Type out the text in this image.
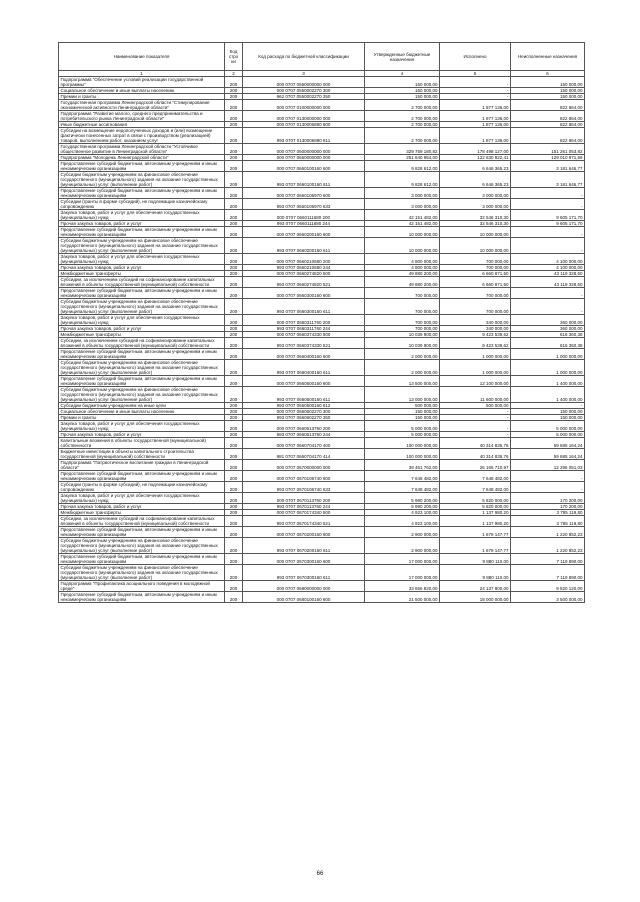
Наименование показателя	Код стро ки	Код расхода по бюджетной классификации	Утвержденные бюджетные назначения	Исполнено	Неисполненные назначения
1	2	3	4	5	6
Подпрограмма "Обеспечение условий реализации государственной программы"	200	000 0707 0550000000 000	150 000,00	-	150 000,00
Социальное обеспечение и иные выплаты населению	200	000 0707 0550002270 300	150 000,00	-	150 000,00
Премии и гранты	200	962 0707 0550002270 350	150 000,00	-	150 000,00
Государственная программа Ленинградской области "Стимулирование экономической активности Ленинградской области"	200	000 0707 0100000000 000	2 700 000,00	1 877 136,00	822 864,00
Подпрограмма "Развитие малого, среднего предпринимательства и потребительского рынка Ленинградской области"	200	000 0707 0130000000 000	2 700 000,00	1 877 136,00	822 864,00
Иные бюджетные ассигнования	200	000 0707 0130006890 800	2 700 000,00	1 877 136,00	822 864,00
Субсидии на возмещение недополученных доходов и (или) возмещение фактически понесенных затрат в связи с производством (реализацией) товаров, выполнением работ, оказанием услуг	200	993 0707 0130006890 811	2 700 000,00	1 877 136,00	822 864,00
Государственная программа Ленинградской области "Устойчивое общественное развитие в Ленинградской области"	200	000 0707 0600000000 000	329 759 180,82	178 498 127,00	151 261 053,82
Подпрограмма "Молодежь Ленинградской области"	200	000 0707 0660000000 000	251 640 954,00	122 630 822,41	129 010 871,59
Предоставление субсидий бюджетным, автономным учреждениям и иным некоммерческим организациям	200	000 0707 0660100160 600	9 828 612,00	6 646 365,23	3 181 646,77
Субсидии бюджетным учреждениям на финансовое обеспечение государственного (муниципального) задания на оказание государственных (муниципальных) услуг (выполнение работ)	200	993 0707 0660100160 611	9 828 612,00	6 646 365,23	3 181 646,77
Предоставление субсидий бюджетным, автономным учреждениям и иным некоммерческим организациям	200	000 0707 0660106970 600	3 000 000,00	3 000 000,00	-
Субсидии (гранты в форме субсидий), не подлежащие казначейскому сопровождению	200	993 0707 0660106970 633	3 000 000,00	3 000 000,00	-
Закупка товаров, работ и услуг для обеспечения государственных (муниципальных) нужд	200	000 0707 0660111680 200	42 151 482,00	32 546 310,30	9 605 171,70
Прочая закупка товаров, работ и услуг	200	993 0707 0660111680 244	42 151 482,00	32 546 310,30	9 605 171,70
Предоставление субсидий бюджетным, автономным учреждениям и иным некоммерческим организациям	200	000 0707 0660200160 600	10 000 000,00	10 000 000,00	-
Субсидии бюджетным учреждениям на финансовое обеспечение государственного (муниципального) задания на оказание государственных (муниципальных) услуг (выполнение работ)	200	993 0707 0660200160 611	10 000 000,00	10 000 000,00	-
Закупка товаров, работ и услуг для обеспечения государственных (муниципальных) нужд	200	000 0707 0660210680 200	4 800 000,00	700 000,00	4 100 000,00
Прочая закупка товаров, работ и услуг	200	993 0707 0660210680 244	4 800 000,00	700 000,00	4 100 000,00
Межбюджетные трансферты	200	000 0707 0660274820 500	49 880 200,00	6 660 871,50	43 119 328,50
Субсидии, за исключением субсидий на софинансирование капитальных вложений в объекты государственной (муниципальной) собственности	200	993 0707 0660274820 521	49 880 200,00	6 660 871,50	43 119 328,50
Предоставление субсидий бюджетным, автономным учреждениям и иным некоммерческим организациям	200	000 0707 0660300160 600	700 000,00	700 000,00	-
Субсидии бюджетным учреждениям на финансовое обеспечение государственного (муниципального) задания на оказание государственных (муниципальных) услуг (выполнение работ)	200	993 0707 0660300160 611	700 000,00	700 000,00	-
Закупка товаров, работ и услуг для обеспечения государственных (муниципальных) нужд	200	000 0707 0660311760 200	700 000,00	340 000,00	360 000,00
Прочая закупка товаров, работ и услуг	200	993 0707 0660311760 244	700 000,00	340 000,00	360 000,00
Межбюджетные трансферты	200	000 0707 0660374330 500	10 039 900,00	9 423 539,62	616 360,38
Субсидии, за исключением субсидий на софинансирование капитальных вложений в объекты государственной (муниципальной) собственности	200	993 0707 0660374330 521	10 039 900,00	9 423 539,62	616 360,38
Предоставление субсидий бюджетным, автономным учреждениям и иным некоммерческим организациям	200	000 0707 0660400160 600	2 000 000,00	1 000 000,00	1 000 000,00
Субсидии бюджетным учреждениям на финансовое обеспечение государственного (муниципального) задания на оказание государственных (муниципальных) услуг (выполнение работ)	200	993 0707 0660400160 611	2 000 000,00	1 000 000,00	1 000 000,00
Предоставление субсидий бюджетным, автономным учреждениям и иным некоммерческим организациям	200	000 0707 0660500160 600	13 500 000,00	12 100 000,00	1 400 000,00
Субсидии бюджетным учреждениям на финансовое обеспечение государственного (муниципального) задания на оказание государственных (муниципальных) услуг (выполнение работ)	200	993 0707 0660500160 611	13 000 000,00	11 600 000,00	1 400 000,00
Субсидии бюджетным учреждениям на иные цели	200	993 0707 0660500160 612	500 000,00	500 000,00	-
Социальное обеспечение и иные выплаты населению	200	000 0707 0660602270 300	150 000,00	-	150 000,00
Премии и гранты	200	993 0707 0660602270 350	150 000,00	-	150 000,00
Закупка товаров, работ и услуг для обеспечения государственных (муниципальных) нужд	200	000 0707 0660613760 200	5 000 000,00	-	5 000 000,00
Прочая закупка товаров, работ и услуг	200	993 0707 0660613760 244	5 000 000,00	-	5 000 000,00
Капитальные вложения в объекты государственной (муниципальной) собственности	200	000 0707 0660704170 400	100 000 000,00	40 314 835,76	59 685 164,24
Бюджетные инвестиции в объекты капитального строительства государственной (муниципальной) собственности	200	981 0707 0660704170 414	100 000 000,00	40 314 835,76	59 685 164,24
Подпрограмма "Патриотическое воспитание граждан в Ленинградской области"	200	000 0707 0670000000 000	38 461 762,00	26 165 710,97	12 296 051,03
Предоставление субсидий бюджетным, автономным учреждениям и иным некоммерческим организациям	200	000 0707 0670106740 600	7 648 482,00	7 648 482,00	-
Субсидии (гранты в форме субсидий), не подлежащие казначейскому сопровождению	200	993 0707 0670106740 633	7 648 482,00	7 648 482,00	-
Закупка товаров, работ и услуг для обеспечения государственных (муниципальных) нужд	200	000 0707 0670113760 200	5 990 200,00	5 820 000,00	170 200,00
Прочая закупка товаров, работ и услуг	200	993 0707 0670113760 244	5 990 200,00	5 820 000,00	170 200,00
Межбюджетные трансферты	200	000 0707 0670174340 500	4 923 100,00	1 137 980,20	3 785 119,80
Субсидии, за исключением субсидий на софинансирование капитальных вложений в объекты государственной (муниципальной) собственности	200	993 0707 0670174340 521	4 923 100,00	1 137 980,20	3 785 119,80
Предоставление субсидий бюджетным, автономным учреждениям и иным некоммерческим организациям	200	000 0707 0670200160 600	2 900 000,00	1 679 147,77	1 220 852,23
Субсидии бюджетным учреждениям на финансовое обеспечение государственного (муниципального) задания на оказание государственных (муниципальных) услуг (выполнение работ)	200	993 0707 0670200160 611	2 900 000,00	1 679 147,77	1 220 852,23
Предоставление субсидий бюджетным, автономным учреждениям и иным некоммерческим организациям	200	000 0707 0670300160 600	17 000 000,00	9 880 110,00	7 119 890,00
Субсидии бюджетным учреждениям на финансовое обеспечение государственного (муниципального) задания на оказание государственных (муниципальных) услуг (выполнение работ)	200	993 0707 0670300160 611	17 000 000,00	9 880 110,00	7 119 890,00
Подпрограмма "Профилактика асоциального поведения в молодежной среде"	200	000 0707 0680000000 000	33 656 820,00	24 137 800,00	9 520 120,00
Предоставление субсидий бюджетным, автономным учреждениям и иным некоммерческим организациям	200	000 0707 0680100160 600	21 500 000,00	18 000 000,00	3 500 000,00
66
